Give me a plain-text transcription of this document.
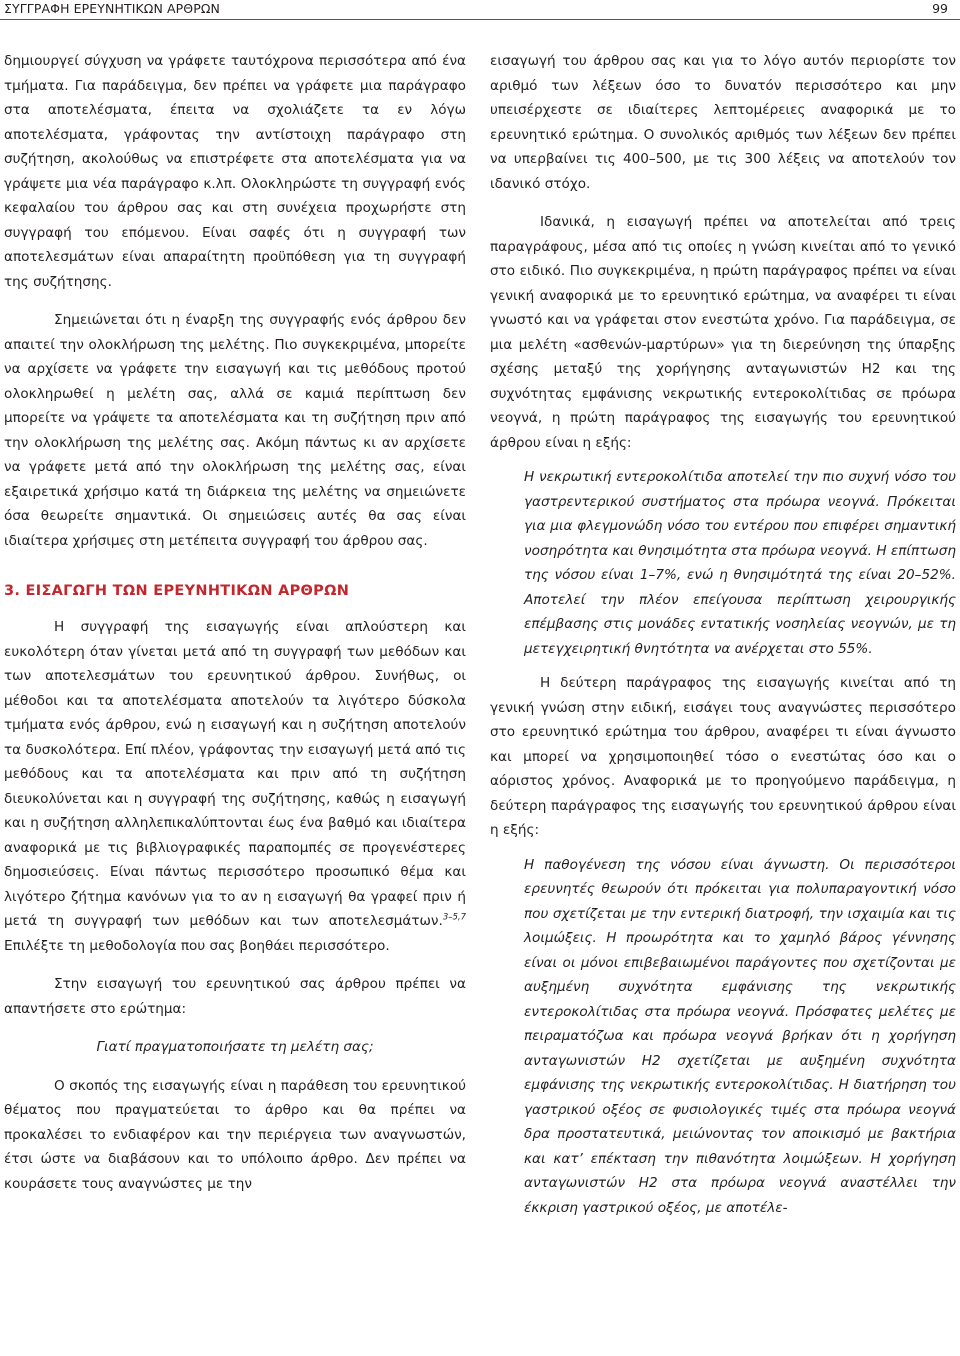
ΣΥΓΓΡΑΦΗ ΕΡΕΥΝΗΤΙΚΩΝ ΑΡΘΡΩΝ	99

δημιουργεί σύγχυση να γράφετε ταυτόχρονα περισσότερα από ένα τμήματα. Για παράδειγμα, δεν πρέπει να γράφετε μια παράγραφο στα αποτελέσματα, έπειτα να σχολιάζετε τα εν λόγω αποτελέσματα, γράφοντας την αντίστοιχη παράγραφο στη συζήτηση, ακολούθως να επιστρέφετε στα αποτελέσματα για να γράψετε μια νέα παράγραφο κ.λπ. Ολοκληρώστε τη συγγραφή ενός κεφαλαίου του άρθρου σας και στη συνέχεια προχωρήστε στη συγγραφή του επόμενου. Είναι σαφές ότι η συγγραφή των αποτελεσμάτων είναι απαραίτητη προϋπόθεση για τη συγγραφή της συζήτησης.

Σημειώνεται ότι η έναρξη της συγγραφής ενός άρθρου δεν απαιτεί την ολοκλήρωση της μελέτης. Πιο συγκεκριμένα, μπορείτε να αρχίσετε να γράφετε την εισαγωγή και τις μεθόδους προτού ολοκληρωθεί η μελέτη σας, αλλά σε καμιά περίπτωση δεν μπορείτε να γράψετε τα αποτελέσματα και τη συζήτηση πριν από την ολοκλήρωση της μελέτης σας. Ακόμη πάντως κι αν αρχίσετε να γράφετε μετά από την ολοκλήρωση της μελέτης σας, είναι εξαιρετικά χρήσιμο κατά τη διάρκεια της μελέτης να σημειώνετε όσα θεωρείτε σημαντικά. Οι σημειώσεις αυτές θα σας είναι ιδιαίτερα χρήσιμες στη μετέπειτα συγγραφή του άρθρου σας.

3. ΕΙΣΑΓΩΓΗ ΤΩΝ ΕΡΕΥΝΗΤΙΚΩΝ ΑΡΘΡΩΝ

Η συγγραφή της εισαγωγής είναι απλούστερη και ευκολότερη όταν γίνεται μετά από τη συγγραφή των μεθόδων και των αποτελεσμάτων του ερευνητικού άρθρου. Συνήθως, οι μέθοδοι και τα αποτελέσματα αποτελούν τα λιγότερο δύσκολα τμήματα ενός άρθρου, ενώ η εισαγωγή και η συζήτηση αποτελούν τα δυσκολότερα. Επί πλέον, γράφοντας την εισαγωγή μετά από τις μεθόδους και τα αποτελέσματα και πριν από τη συζήτηση διευκολύνεται και η συγγραφή της συζήτησης, καθώς η εισαγωγή και η συζήτηση αλληλεπικαλύπτονται έως ένα βαθμό και ιδιαίτερα αναφορικά με τις βιβλιογραφικές παραπομπές σε προγενέστερες δημοσιεύσεις. Είναι πάντως περισσότερο προσωπικό θέμα και λιγότερο ζήτημα κανόνων για το αν η εισαγωγή θα γραφεί πριν ή μετά τη συγγραφή των μεθόδων και των αποτελεσμάτων.$^{3-5,7}$ Επιλέξτε τη μεθοδολογία που σας βοηθάει περισσότερο.

Στην εισαγωγή του ερευνητικού σας άρθρου πρέπει να απαντήσετε στο ερώτημα:

Γιατί πραγματοποιήσατε τη μελέτη σας;

Ο σκοπός της εισαγωγής είναι η παράθεση του ερευνητικού θέματος που πραγματεύεται το άρθρο και θα πρέπει να προκαλέσει το ενδιαφέρον και την περιέργεια των αναγνωστών, έτσι ώστε να διαβάσουν και το υπόλοιπο άρθρο. Δεν πρέπει να κουράσετε τους αναγνώστες με την

εισαγωγή του άρθρου σας και για το λόγο αυτόν περιορίστε τον αριθμό των λέξεων όσο το δυνατόν περισσότερο και μην υπεισέρχεστε σε ιδιαίτερες λεπτομέρειες αναφορικά με το ερευνητικό ερώτημα. Ο συνολικός αριθμός των λέξεων δεν πρέπει να υπερβαίνει τις 400–500, με τις 300 λέξεις να αποτελούν τον ιδανικό στόχο.

Ιδανικά, η εισαγωγή πρέπει να αποτελείται από τρεις παραγράφους, μέσα από τις οποίες η γνώση κινείται από το γενικό στο ειδικό. Πιο συγκεκριμένα, η πρώτη παράγραφος πρέπει να είναι γενική αναφορικά με το ερευνητικό ερώτημα, να αναφέρει τι είναι γνωστό και να γράφεται στον ενεστώτα χρόνο. Για παράδειγμα, σε μια μελέτη «ασθενών-μαρτύρων» για τη διερεύνηση της ύπαρξης σχέσης μεταξύ της χορήγησης ανταγωνιστών Η2 και της συχνότητας εμφάνισης νεκρωτικής εντεροκολίτιδας σε πρόωρα νεογνά, η πρώτη παράγραφος της εισαγωγής του ερευνητικού άρθρου είναι η εξής:

Η νεκρωτική εντεροκολίτιδα αποτελεί την πιο συχνή νόσο του γαστρεντερικού συστήματος στα πρόωρα νεογνά. Πρόκειται για μια φλεγμονώδη νόσο του εντέρου που επιφέρει σημαντική νοσηρότητα και θνησιμότητα στα πρόωρα νεογνά. Η επίπτωση της νόσου είναι 1–7%, ενώ η θνησιμότητά της είναι 20–52%. Αποτελεί την πλέον επείγουσα περίπτωση χειρουργικής επέμβασης στις μονάδες εντατικής νοσηλείας νεογνών, με τη μετεγχειρητική θνητότητα να ανέρχεται στο 55%.

Η δεύτερη παράγραφος της εισαγωγής κινείται από τη γενική γνώση στην ειδική, εισάγει τους αναγνώστες περισσότερο στο ερευνητικό ερώτημα του άρθρου, αναφέρει τι είναι άγνωστο και μπορεί να χρησιμοποιηθεί τόσο ο ενεστώτας όσο και ο αόριστος χρόνος. Αναφορικά με το προηγούμενο παράδειγμα, η δεύτερη παράγραφος της εισαγωγής του ερευνητικού άρθρου είναι η εξής:

Η παθογένεση της νόσου είναι άγνωστη. Οι περισσότεροι ερευνητές θεωρούν ότι πρόκειται για πολυπαραγοντική νόσο που σχετίζεται με την εντερική διατροφή, την ισχαιμία και τις λοιμώξεις. Η προωρότητα και το χαμηλό βάρος γέννησης είναι οι μόνοι επιβεβαιωμένοι παράγοντες που σχετίζονται με αυξημένη συχνότητα εμφάνισης της νεκρωτικής εντεροκολίτιδας στα πρόωρα νεογνά. Πρόσφατες μελέτες με πειραματόζωα και πρόωρα νεογνά βρήκαν ότι η χορήγηση ανταγωνιστών Η2 σχετίζεται με αυξημένη συχνότητα εμφάνισης της νεκρωτικής εντεροκολίτιδας. Η διατήρηση του γαστρικού οξέος σε φυσιολογικές τιμές στα πρόωρα νεογνά δρα προστατευτικά, μειώνοντας τον αποικισμό με βακτήρια και κατ’ επέκταση την πιθανότητα λοιμώξεων. Η χορήγηση ανταγωνιστών Η2 στα πρόωρα νεογνά αναστέλλει την έκκριση γαστρικού οξέος, με αποτέλε-
